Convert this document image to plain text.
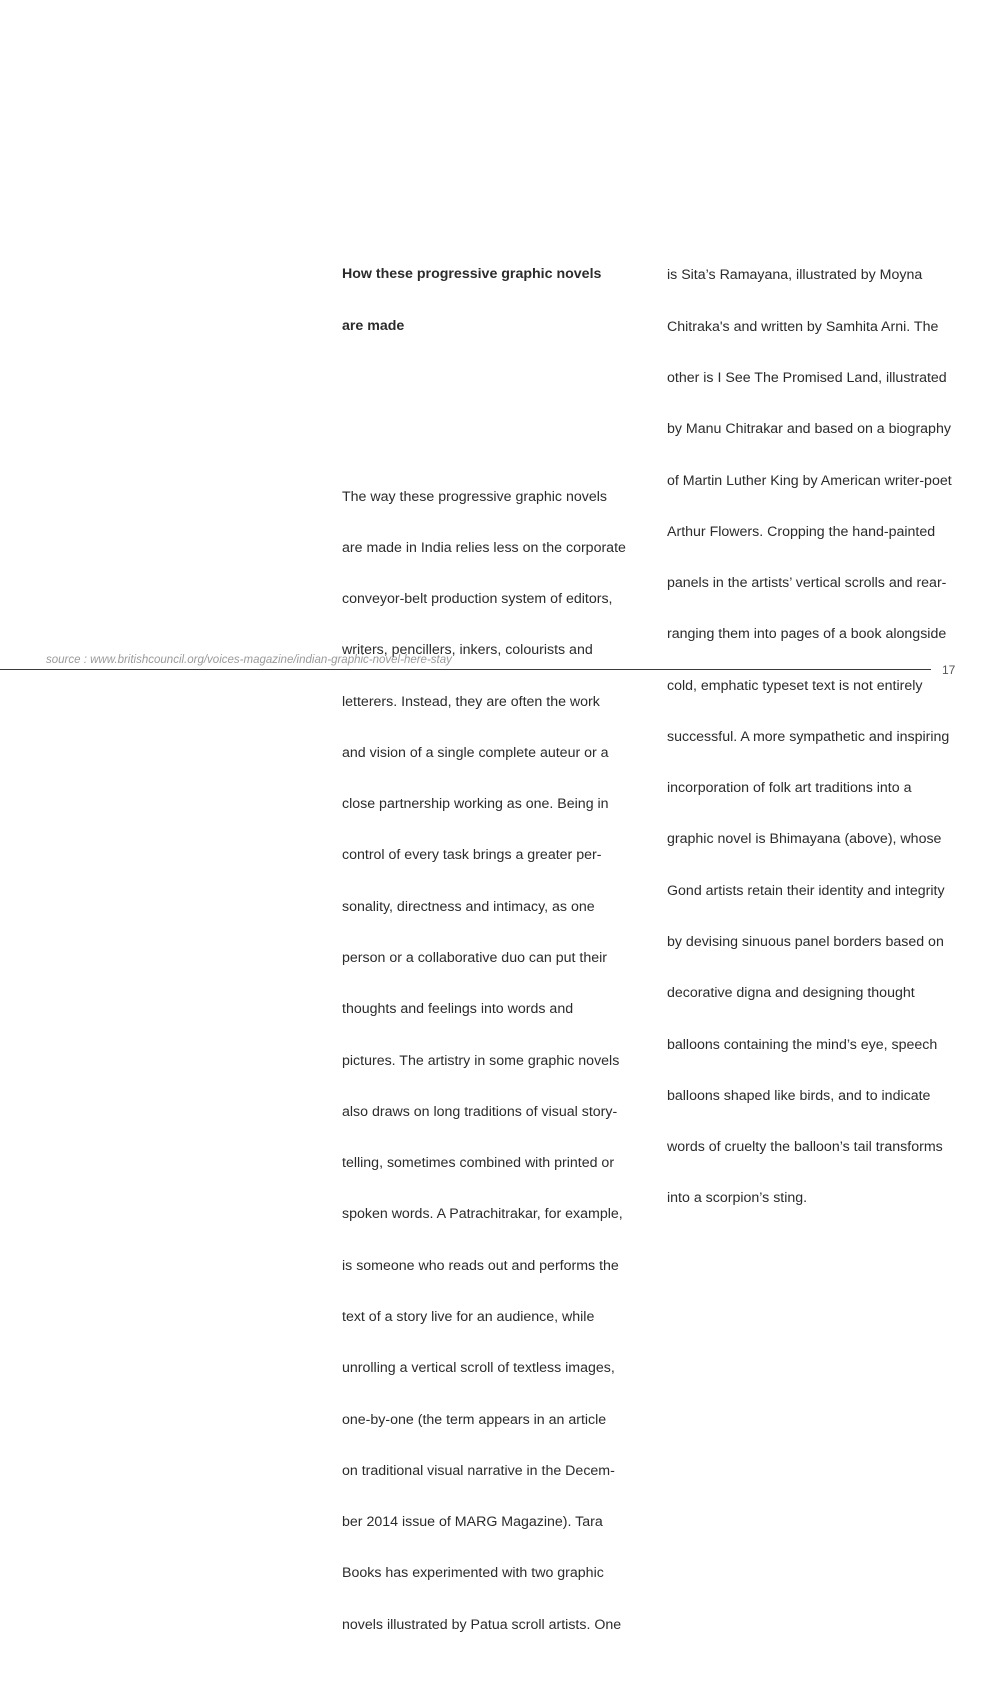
How these progressive graphic novels

are made

The way these progressive graphic novels

are made in India relies less on the corporate

conveyor-belt production system of editors,

writers, pencillers, inkers, colourists and

letterers. Instead, they are often the work

and vision of a single complete auteur or a

close partnership working as one. Being in

control of every task brings a greater per-

sonality, directness and intimacy, as one

person or a collaborative duo can put their

thoughts and feelings into words and

pictures. The artistry in some graphic novels

also draws on long traditions of visual story-

telling, sometimes combined with printed or

spoken words. A Patrachitrakar, for example,

is someone who reads out and performs the

text of a story live for an audience, while

unrolling a vertical scroll of textless images,

one-by-one (the term appears in an article

on traditional visual narrative in the Decem-

ber 2014 issue of MARG Magazine). Tara

Books has experimented with two graphic

novels illustrated by Patua scroll artists. One

is Sita’s Ramayana, illustrated by Moyna

Chitraka's and written by Samhita Arni. The

other is I See The Promised Land, illustrated

by Manu Chitrakar and based on a biography

of Martin Luther King by American writer-poet

Arthur Flowers. Cropping the hand-painted

panels in the artists’ vertical scrolls and rear-

ranging them into pages of a book alongside

cold, emphatic typeset text is not entirely

successful. A more sympathetic and inspiring

incorporation of folk art traditions into a

graphic novel is Bhimayana (above), whose

Gond artists retain their identity and integrity

by devising sinuous panel borders based on

decorative digna and designing thought

balloons containing the mind’s eye, speech

balloons shaped like birds, and to indicate

words of cruelty the balloon’s tail transforms

into a scorpion’s sting.

source : www.britishcouncil.org/voices-magazine/indian-graphic-novel-here-stay
17
